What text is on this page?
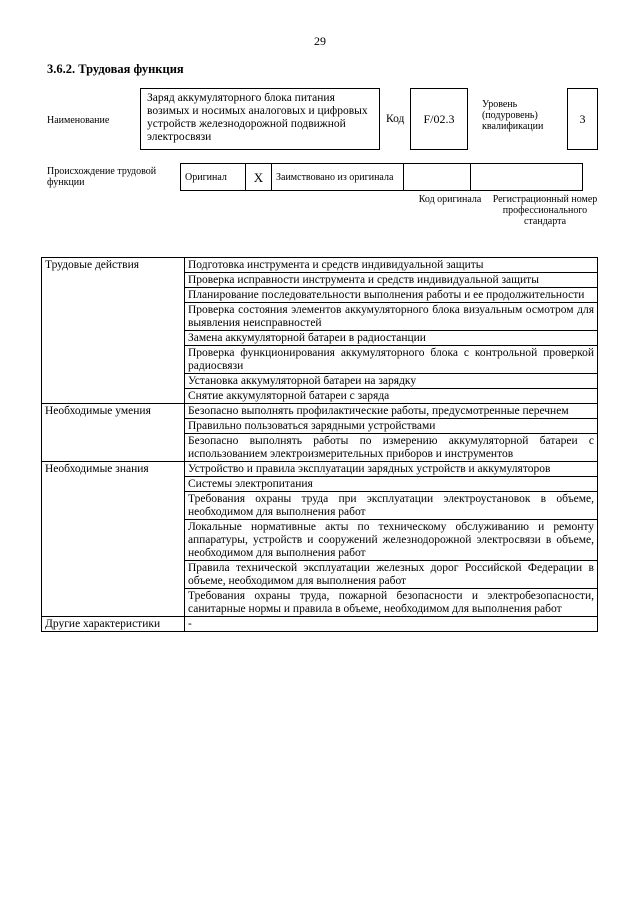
29
3.6.2. Трудовая функция
Наименование
Заряд аккумуляторного блока питания возимых и носимых аналоговых и цифровых устройств железнодорожной подвижной электросвязи
Код F/02.3
Уровень (подуровень) квалификации
3
Происхождение трудовой функции	Оригинал	X	Заимствовано из оригинала		
Код оригинала Регистрационный номер профессионального стандарта
Трудовые действия	Подготовка инструмента и средств индивидуальной защиты
	Проверка исправности инструмента и средств индивидуальной защиты
	Планирование последовательности выполнения работы и ее продолжительности
	Проверка состояния элементов аккумуляторного блока визуальным осмотром для выявления неисправностей
	Замена аккумуляторной батареи в радиостанции
	Проверка функционирования аккумуляторного блока с контрольной проверкой радиосвязи
	Установка аккумуляторной батареи на зарядку
	Снятие аккумуляторной батареи с заряда
Необходимые умения	Безопасно выполнять профилактические работы, предусмотренные перечнем
	Правильно пользоваться зарядными устройствами
	Безопасно выполнять работы по измерению аккумуляторной батареи с использованием электроизмерительных приборов и инструментов
Необходимые знания	Устройство и правила эксплуатации зарядных устройств и аккумуляторов
	Системы электропитания
	Требования охраны труда при эксплуатации электроустановок в объеме, необходимом для выполнения работ
	Локальные нормативные акты по техническому обслуживанию и ремонту аппаратуры, устройств и сооружений железнодорожной электросвязи в объеме, необходимом для выполнения работ
	Правила технической эксплуатации железных дорог Российской Федерации в объеме, необходимом для выполнения работ
	Требования охраны труда, пожарной безопасности и электробезопасности, санитарные нормы и правила в объеме, необходимом для выполнения работ
Другие характеристики	-
